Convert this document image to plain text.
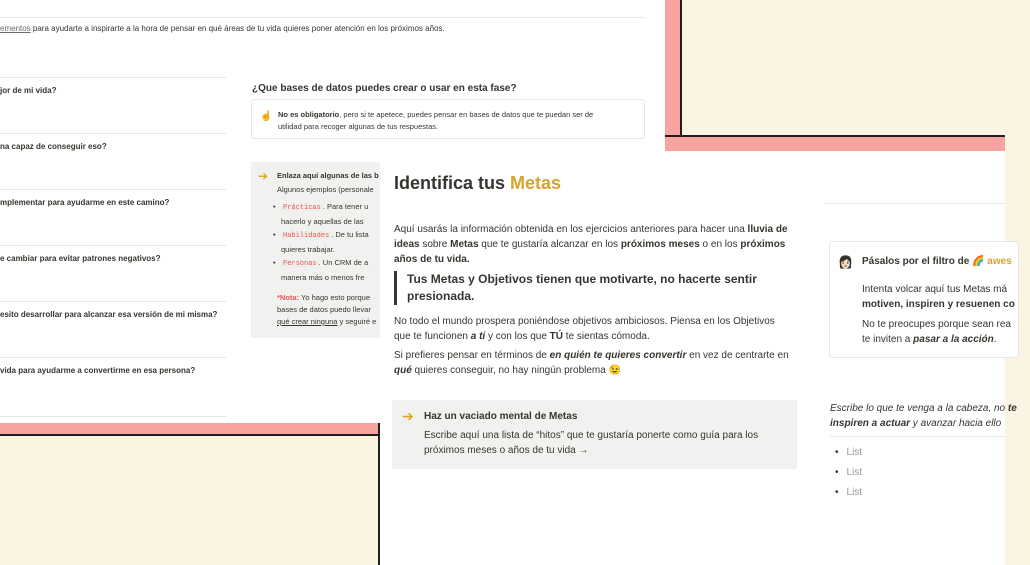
ementos para ayudarte a inspirarte a la hora de pensar en qué áreas de tu vida quieres poner atención en los próximos años.
jor de mi vida?
na capaz de conseguir eso?
mplementar para ayudarme en este camino?
e cambiar para evitar patrones negativos?
esito desarrollar para alcanzar esa versión de mi misma?
vida para ayudarme a convertirme en esa persona?
¿Que bases de datos puedes crear o usar en esta fase?
☝ No es obligatorio, pero si te apetece, puedes pensar en bases de datos que te puedan ser de
utilidad para recoger algunas de tus respuestas.
➔ Enlaza aquí algunas de las b
Algunos ejemplos (personale
• Prácticas . Para tener u
hacerlo y aquellas de las
• Habilidades . De tu lista
quieres trabajar.
• Personas . Un CRM de a
manera más o menos fre
*Nota: Yo hago esto porque
bases de datos puedo llevar
qué crear ninguna y seguiré e
Identifica tus Metas
Aquí usarás la información obtenida en los ejercicios anteriores para hacer una lluvia de ideas sobre Metas que te gustaría alcanzar en los próximos meses o en los próximos años de tu vida.
Tus Metas y Objetivos tienen que motivarte, no hacerte sentir presionada.
No todo el mundo prospera poniéndose objetivos ambiciosos. Piensa en los Objetivos que te funcionen a ti y con los que TÚ te sientas cómoda.
Si prefieres pensar en términos de en quién te quieres convertir en vez de centrarte en qué quieres conseguir, no hay ningún problema 😉
➔ Haz un vaciado mental de Metas
Escribe aquí una lista de “hitos” que te gustaría ponerte como guía para los próximos meses o años de tu vida →
👩🏻 Pásalos por el filtro de 🌈 awes
Intenta volcar aquí tus Metas má
motiven, inspiren y resuenen co
No te preocupes porque sean rea
te inviten a pasar a la acción.
Escribe lo que te venga a la cabeza, no te inspiren a actuar y avanzar hacia ello
• List
• List
• List
